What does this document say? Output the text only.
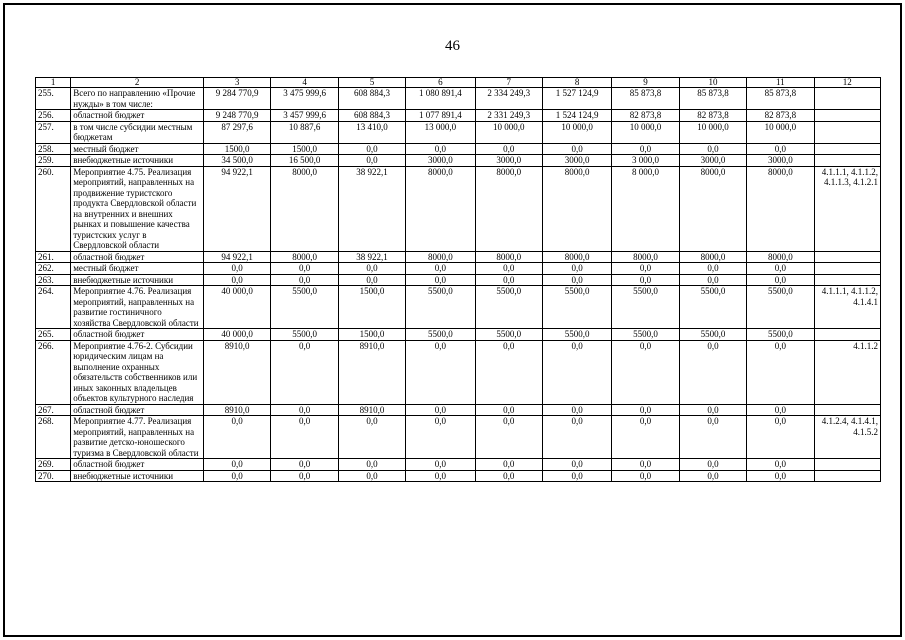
46
1	2	3	4	5	6	7	8	9	10	11	12
255.	Всего по направлению «Прочие нужды» в том числе:	9 284 770,9	3 475 999,6	608 884,3	1 080 891,4	2 334 249,3	1 527 124,9	85 873,8	85 873,8	85 873,8	
256.	областной бюджет	9 248 770,9	3 457 999,6	608 884,3	1 077 891,4	2 331 249,3	1 524 124,9	82 873,8	82 873,8	82 873,8	
257.	в том числе субсидии местным бюджетам	87 297,6	10 887,6	13 410,0	13 000,0	10 000,0	10 000,0	10 000,0	10 000,0	10 000,0	
258.	местный бюджет	1500,0	1500,0	0,0	0,0	0,0	0,0	0,0	0,0	0,0	
259.	внебюджетные источники	34 500,0	16 500,0	0,0	3000,0	3000,0	3000,0	3 000,0	3000,0	3000,0	
260.	Мероприятие 4.75. Реализация мероприятий, направленных на продвижение туристского продукта Свердловской области на внутренних и внешних рынках и повышение качества туристских услуг в Свердловской области	94 922,1	8000,0	38 922,1	8000,0	8000,0	8000,0	8 000,0	8000,0	8000,0	4.1.1.1, 4.1.1.2, 4.1.1.3, 4.1.2.1
261.	областной бюджет	94 922,1	8000,0	38 922,1	8000,0	8000,0	8000,0	8000,0	8000,0	8000,0	
262.	местный бюджет	0,0	0,0	0,0	0,0	0,0	0,0	0,0	0,0	0,0	
263.	внебюджетные источники	0,0	0,0	0,0	0,0	0,0	0,0	0,0	0,0	0,0	
264.	Мероприятие 4.76. Реализация мероприятий, направленных на развитие гостиничного хозяйства Свердловской области	40 000,0	5500,0	1500,0	5500,0	5500,0	5500,0	5500,0	5500,0	5500,0	4.1.1.1, 4.1.1.2, 4.1.4.1
265.	областной бюджет	40 000,0	5500,0	1500,0	5500,0	5500,0	5500,0	5500,0	5500,0	5500,0	
266.	Мероприятие 4.76-2. Субсидии юридическим лицам на выполнение охранных обязательств собственников или иных законных владельцев объектов культурного наследия	8910,0	0,0	8910,0	0,0	0,0	0,0	0,0	0,0	0,0	4.1.1.2
267.	областной бюджет	8910,0	0,0	8910,0	0,0	0,0	0,0	0,0	0,0	0,0	
268.	Мероприятие 4.77. Реализация мероприятий, направленных на развитие детско-юношеского туризма в Свердловской области	0,0	0,0	0,0	0,0	0,0	0,0	0,0	0,0	0,0	4.1.2.4, 4.1.4.1, 4.1.5.2
269.	областной бюджет	0,0	0,0	0,0	0,0	0,0	0,0	0,0	0,0	0,0	
270.	внебюджетные источники	0,0	0,0	0,0	0,0	0,0	0,0	0,0	0,0	0,0	
